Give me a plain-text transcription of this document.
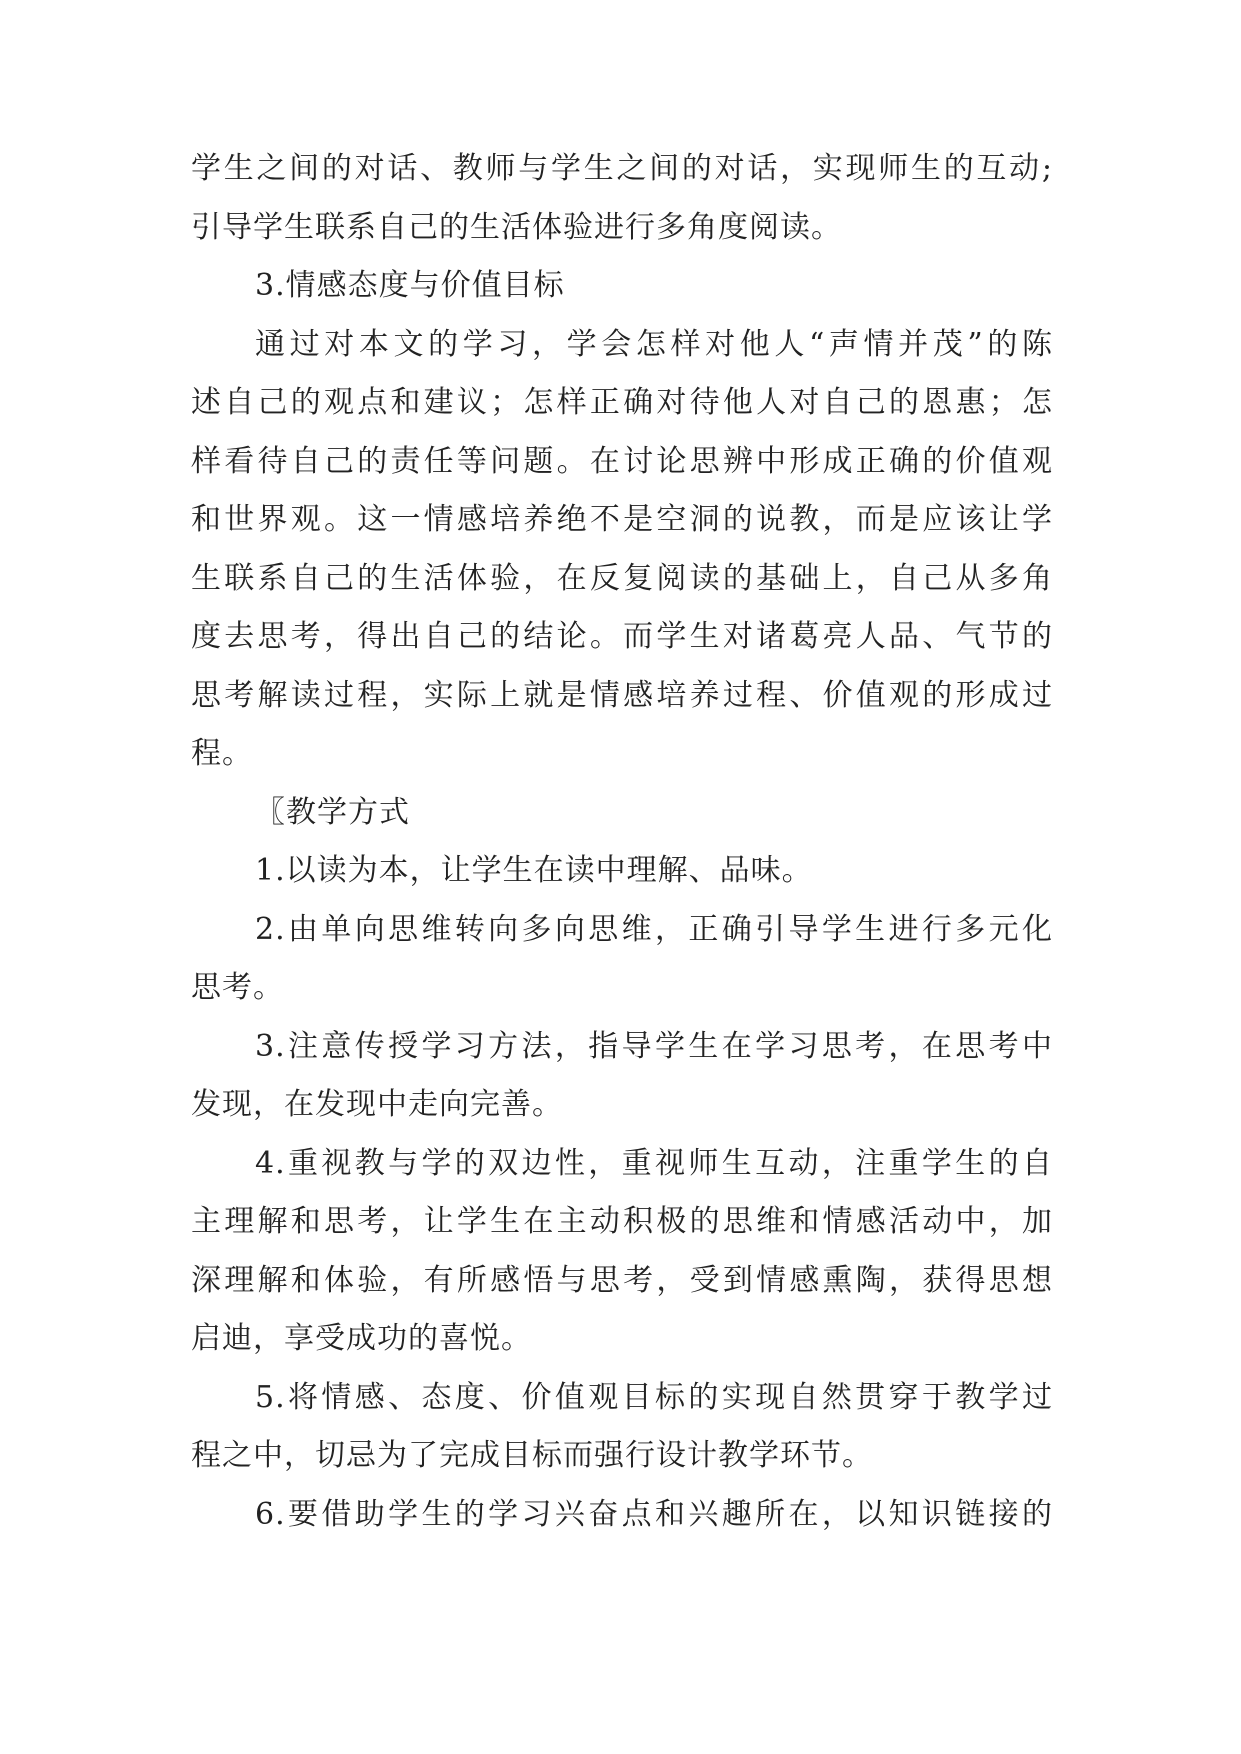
学生之间的对话、教师与学生之间的对话，实现师生的互动;
引导学生联系自己的生活体验进行多角度阅读。
3.情感态度与价值目标
通过对本文的学习，学会怎样对他人“声情并茂”的陈
述自己的观点和建议；怎样正确对待他人对自己的恩惠；怎
样看待自己的责任等问题。在讨论思辨中形成正确的价值观
和世界观。这一情感培养绝不是空洞的说教，而是应该让学
生联系自己的生活体验，在反复阅读的基础上，自己从多角
度去思考，得出自己的结论。而学生对诸葛亮人品、气节的
思考解读过程，实际上就是情感培养过程、价值观的形成过
程。
〖教学方式
1.以读为本，让学生在读中理解、品味。
2.由单向思维转向多向思维，正确引导学生进行多元化
思考。
3.注意传授学习方法，指导学生在学习思考，在思考中
发现，在发现中走向完善。
4.重视教与学的双边性，重视师生互动，注重学生的自
主理解和思考，让学生在主动积极的思维和情感活动中，加
深理解和体验，有所感悟与思考，受到情感熏陶，获得思想
启迪，享受成功的喜悦。
5.将情感、态度、价值观目标的实现自然贯穿于教学过
程之中，切忌为了完成目标而强行设计教学环节。
6.要借助学生的学习兴奋点和兴趣所在，以知识链接的
